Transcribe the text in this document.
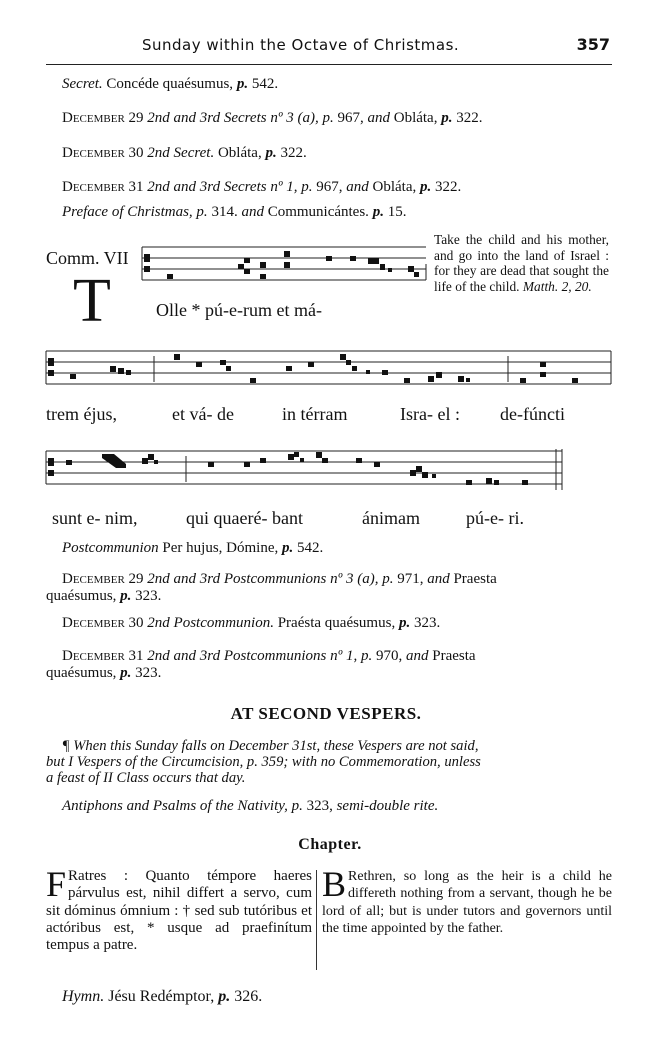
Sunday within the Octave of Christmas.	357
Secret. Concéde quaésumus, p. 542.
December 29 2nd and 3rd Secrets nº 3 (a), p. 967, and Obláta, p. 322.
December 30 2nd Secret. Obláta, p. 322.
December 31 2nd and 3rd Secrets nº 1, p. 967, and Obláta, p. 322.
Preface of Christmas, p. 314. and Communicántes. p. 15.
Comm. VII
T	Olle * pú-e-rum et má-
Take the child and his mother, and go into the land of Israel : for they are dead that sought the life of the child. Matth. 2, 20.
trem éjus,	et vá- de	in térram	Isra- el : de-fúncti
sunt e- nim,	qui quaeré- bant	ánimam	pú-e- ri.
Postcommunion Per hujus, Dómine, p. 542.
December 29 2nd and 3rd Postcommunions nº 3 (a), p. 971, and Praesta
quaésumus, p. 323.
December 30 2nd Postcommunion. Praésta quaésumus, p. 323.
December 31 2nd and 3rd Postcommunions nº 1, p. 970, and Praesta
quaésumus, p. 323.
AT SECOND VESPERS.
¶ When this Sunday falls on December 31st, these Vespers are not said,
but I Vespers of the Circumcision, p. 359; with no Commemoration, unless
a feast of II Class occurs that day.
Antiphons and Psalms of the Nativity, p. 323, semi-double rite.
Chapter.
F Ratres : Quanto témpore haeres párvulus est, nihil differt a servo, cum sit dóminus ómnium : † sed sub tutóribus et actóribus est, * usque ad praefinítum tempus a patre.
B Rethren, so long as the heir is a child he differeth nothing from a servant, though he be lord of all; but is under tutors and governors until the time appointed by the father.
Hymn. Jésu Redémptor, p. 326.
